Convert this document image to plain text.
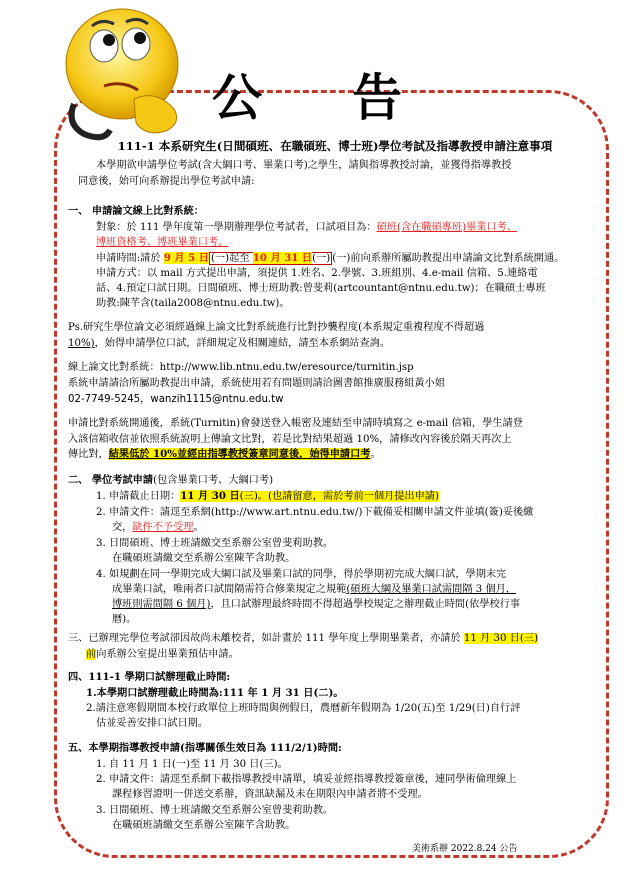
公 告
111-1 本系研究生(日間碩班、在職碩班、博士班)學位考試及指導教授申請注意事項
本學期欲申請學位考試(含大綱口考、畢業口考)之學生，請與指導教授討論，並獲得指導教授
同意後，始可向系辦提出學位考試申請:
一、 申請論文線上比對系統：
對象：於 111 學年度第一學期辦理學位考試者，口試項目為：碩班(含在職碩專班)畢業口考、
博班資格考、博班畢業口考。
申請時間:請於 9 月 5 日 (一)起至 10 月 31 日(一) (一)前向系辦所屬助教提出申請論文比對系統開通。
申請方式：以 mail 方式提出申請，須提供 1.姓名、2.學號、3.班組別、4.e-mail 信箱、5.連絡電
話、4.預定口試日期。日間碩班、博士班助教:曾斐莉(artcountant@ntnu.edu.tw)；在職碩士專班
助教:陳芊含(taila2008@ntnu.edu.tw)。
Ps.研究生學位論文必須經過線上論文比對系統進行比對抄襲程度(本系規定重複程度不得超過
10%)，始得申請學位口試，詳細規定及相關連結，請至本系網站查詢。
線上論文比對系統：http://www.lib.ntnu.edu.tw/eresource/turnitin.jsp
系統申請請洽所屬助教提出申請，系統使用若有問題則請洽圖書館推廣服務組黃小姐
02-7749-5245，wanzih1115@ntnu.edu.tw
申請比對系統開通後，系統(Turnitin)會發送登入帳密及連結至申請時填寫之 e-mail 信箱，學生請登
入該信箱收信並依照系統說明上傳論文比對，若是比對結果超過 10%，請修改內容後於隔天再次上
傳比對，結果低於 10%並經由指導教授簽章同意後，始得申請口考。
二、 學位考試申請(包含畢業口考、大綱口考)
1. 申請截止日期：11 月 30 日(三)。(也請留意，需於考前一個月提出申請)
2. 申請文件：請逕至系網(http://www.art.ntnu.edu.tw/)下載備妥相關申請文件並填(簽)妥後繳
交，缺件不予受理。
3. 日間碩班、博士班請繳交至系辦公室曾斐莉助教。
在職碩班請繳交至系辦公室陳芊含助教。
4. 如規劃在同一學期完成大綱口試及畢業口試的同學，得於學期初完成大綱口試，學期末完
成畢業口試，唯兩者口試間隔需符合修業規定之規範(碩班大綱及畢業口試需間隔 3 個月，
博班則需間隔 6 個月)，且口試辦理最終時間不得超過學校規定之辦理截止時間(依學校行事
曆)。
三、已辦理完學位考試卻因故尚未離校者，如計畫於 111 學年度上學期畢業者，亦請於 11 月 30 日(三)
前向系辦公室提出畢業預估申請。
四、111-1 學期口試辦理截止時間:
1.本學期口試辦理截止時間為:111 年 1 月 31 日(二)。
2.請注意寒假期間本校行政單位上班時間與例假日，農曆新年假期為 1/20(五)至 1/29(日)自行評
估並妥善安排口試日期。
五、本學期指導教授申請(指導關係生效日為 111/2/1)時間:
1. 自 11 月 1 日(一)至 11 月 30 日(三)。
2. 申請文件：請逕至系網下載指導教授申請單，填妥並經指導教授簽章後，連同學術倫理線上
課程修習證明一併送交系辦，資訊缺漏及未在期限內申請者將不受理。
3. 日間碩班、博士班請繳交至系辦公室曾斐莉助教。
在職碩班請繳交至系辦公室陳芊含助教。
美術系辦 2022.8.24 公告
